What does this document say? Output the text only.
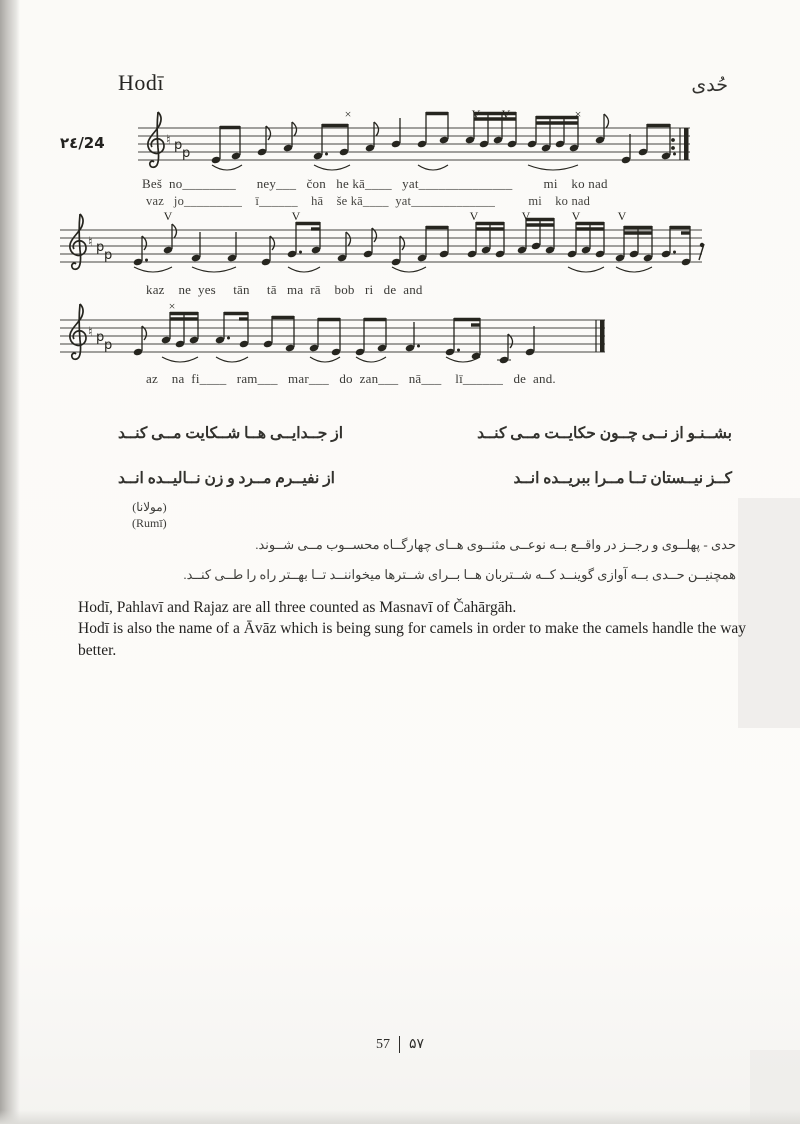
Hodī	حُدی
٢٤/24	♮ p
p
×	V V	×
Beš  no________      ney___   čon   he kā____   yat______________         mi    ko nad
vaz   jo_________    ī______    hā    še kā____  yat_____________          mi    ko nad
♮ p
p
V	V	V	V	V	V
kaz    ne  yes     tān     tā   ma  rā    bob   ri   de  and
♮ p
p
×
az    na  fi____   ram___   mar___   do  zan___   nā___    lī______   de  and.
بشــنـو از نــی چــون حکایــت مــی کنــد
از جــدایــی هــا شــکایت مــی کنــد
کــز نیــستان تــا مــرا ببریــده انــد
از نفیــرم مــرد و زن نــالیــده انــد
(مولانا)
(Rumī)
حدی - پهلــوی و رجــز در واقــع بــه نوعــی مثنــوی هــای چهارگــاه محســوب مــی شــوند.
همچنیــن حــدی بــه آوازی گوینــد کــه شــتربان هــا بــرای شــترها میخواننــد تــا بهــتر راه را طــی کنــد.
Hodī, Pahlavī and Rajaz are all three counted as Masnavī of Čahārgāh.
Hodī is also the name of a Āvāz which is being sung for camels in order to make the camels handle the way better.
57 ۵۷
